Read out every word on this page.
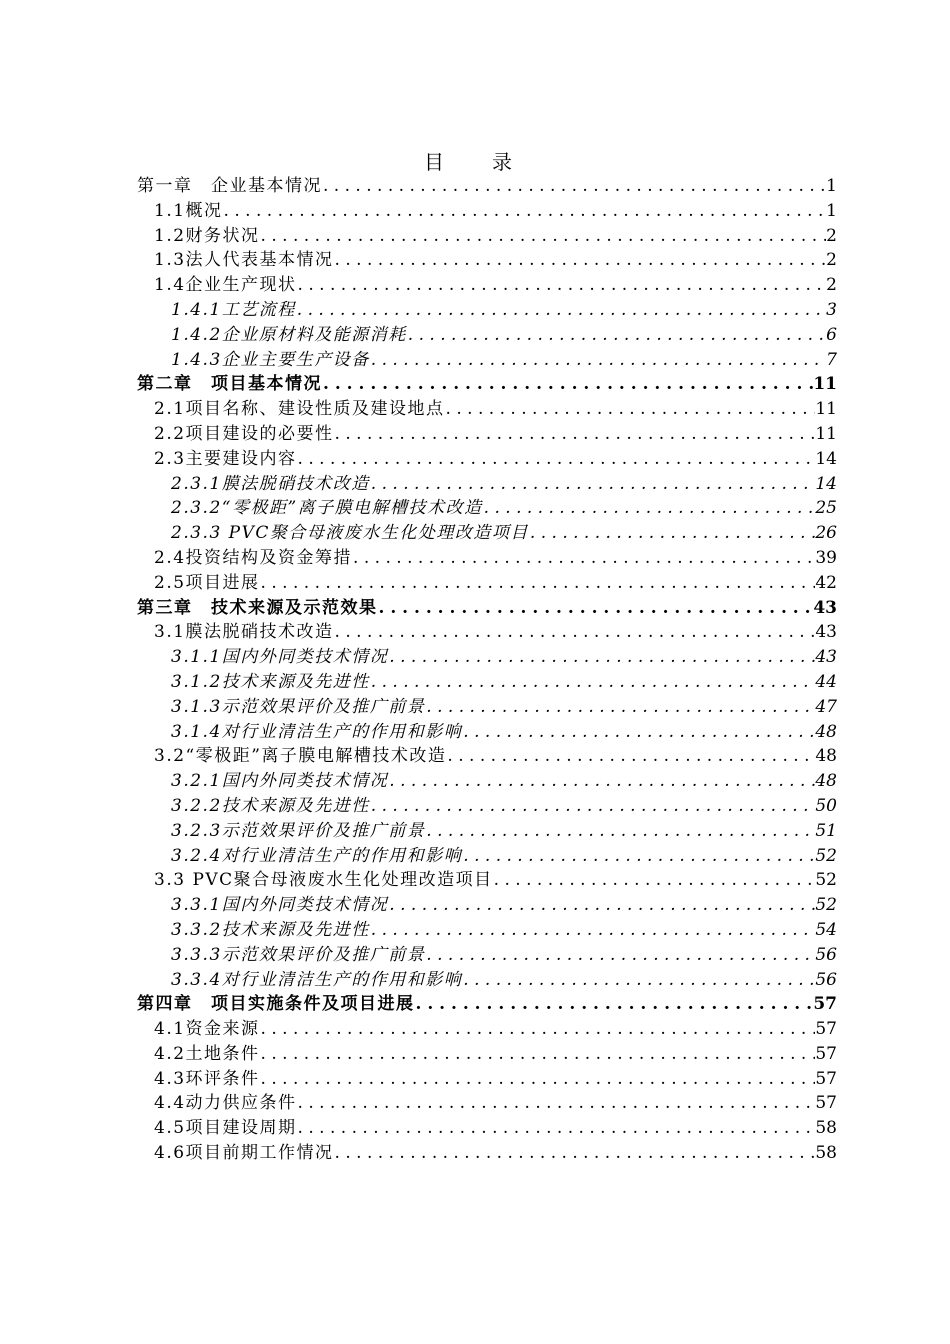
目　录
第一章　企业基本情况 . . .	1
1.1概况 . . .	1
1.2财务状况 . . .	2
1.3法人代表基本情况 . . .	2
1.4企业生产现状 . . .	2
1.4.1工艺流程 . . .	3
1.4.2企业原材料及能源消耗 . . .	6
1.4.3企业主要生产设备 . . .	7
第二章　项目基本情况 . . .	11
2.1项目名称、建设性质及建设地点 . . .	11
2.2项目建设的必要性 . . .	11
2.3主要建设内容 . . .	14
2.3.1膜法脱硝技术改造 . . .	14
2.3.2“零极距”离子膜电解槽技术改造 . . .	25
2.3.3 PVC聚合母液废水生化处理改造项目 . . .	26
2.4投资结构及资金筹措 . . .	39
2.5项目进展 . . .	42
第三章　技术来源及示范效果 . . .	43
3.1膜法脱硝技术改造 . . .	43
3.1.1国内外同类技术情况 . . .	43
3.1.2技术来源及先进性 . . .	44
3.1.3示范效果评价及推广前景 . . .	47
3.1.4对行业清洁生产的作用和影响 . . .	48
3.2“零极距”离子膜电解槽技术改造 . . .	48
3.2.1国内外同类技术情况 . . .	48
3.2.2技术来源及先进性 . . .	50
3.2.3示范效果评价及推广前景 . . .	51
3.2.4对行业清洁生产的作用和影响 . . .	52
3.3 PVC聚合母液废水生化处理改造项目 . . .	52
3.3.1国内外同类技术情况 . . .	52
3.3.2技术来源及先进性 . . .	54
3.3.3示范效果评价及推广前景 . . .	56
3.3.4对行业清洁生产的作用和影响 . . .	56
第四章　项目实施条件及项目进展 . . .	57
4.1资金来源 . . .	57
4.2土地条件 . . .	57
4.3环评条件 . . .	57
4.4动力供应条件 . . .	57
4.5项目建设周期 . . .	58
4.6项目前期工作情况 . . .	58
